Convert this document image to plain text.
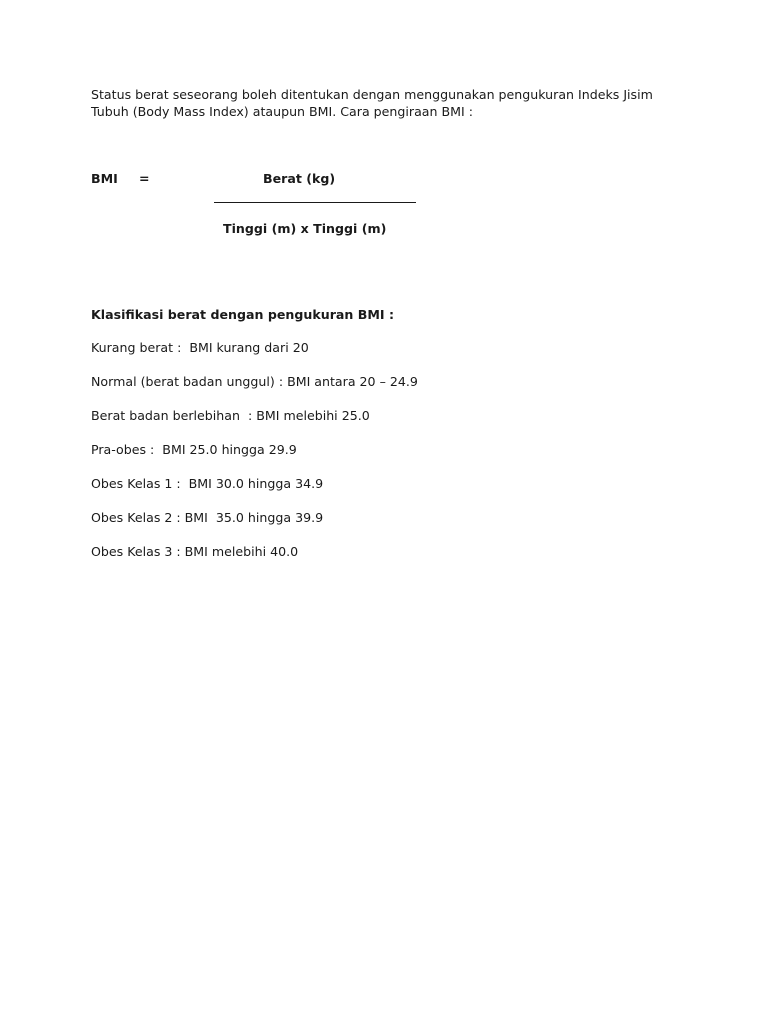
Status berat seseorang boleh ditentukan dengan menggunakan pengukuran Indeks Jisim Tubuh (Body Mass Index) ataupun BMI. Cara pengiraan BMI :

BMI =	Berat (kg)
Tinggi (m) x Tinggi (m)
Klasifikasi berat dengan pengukuran BMI :
Kurang berat :  BMI kurang dari 20
Normal (berat badan unggul) : BMI antara 20 – 24.9
Berat badan berlebihan  : BMI melebihi 25.0
Pra-obes :  BMI 25.0 hingga 29.9
Obes Kelas 1 :  BMI 30.0 hingga 34.9
Obes Kelas 2 : BMI  35.0 hingga 39.9
Obes Kelas 3 : BMI melebihi 40.0
